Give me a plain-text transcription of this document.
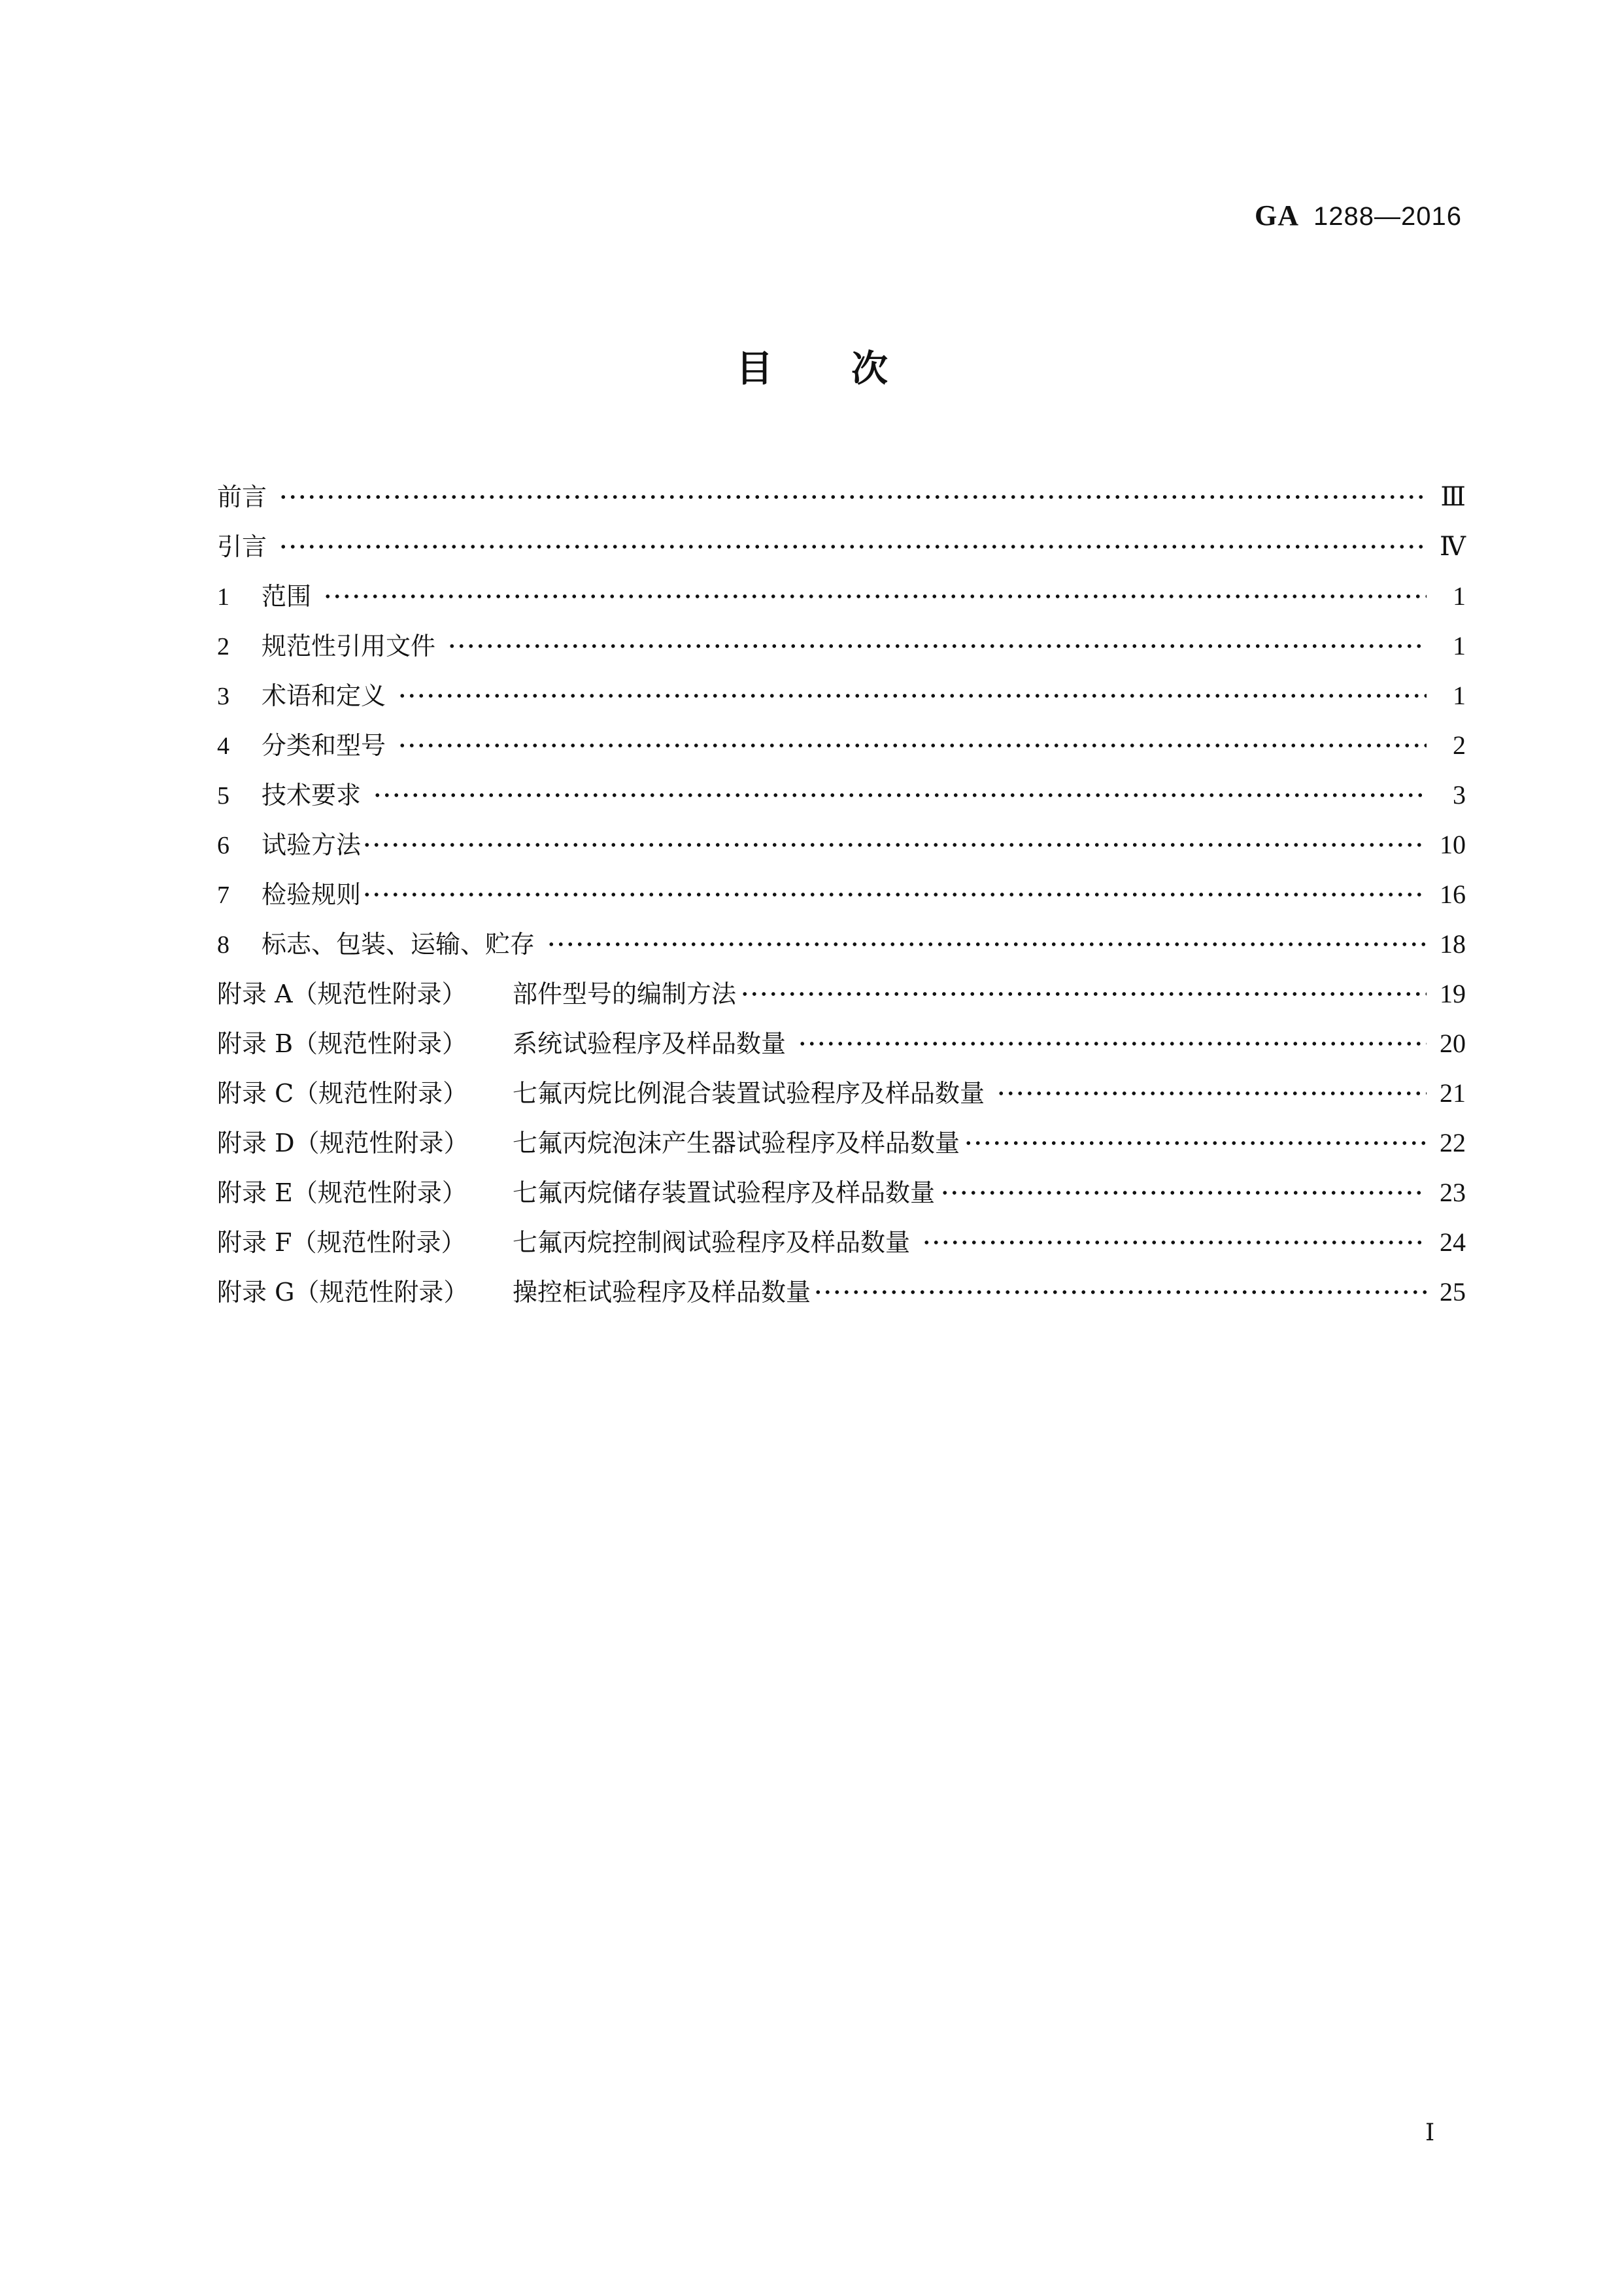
GA 1288—2016
目次
前言	Ⅲ
引言	Ⅳ
1	范围	1
2	规范性引用文件	1
3	术语和定义	1
4	分类和型号	2
5	技术要求	3
6	试验方法	10
7	检验规则	16
8	标志、包装、运输、贮存	18
附录 A（规范性附录）	部件型号的编制方法	19
附录 B（规范性附录）	系统试验程序及样品数量	20
附录 C（规范性附录）	七氟丙烷比例混合装置试验程序及样品数量	21
附录 D（规范性附录）	七氟丙烷泡沫产生器试验程序及样品数量	22
附录 E（规范性附录）	七氟丙烷储存装置试验程序及样品数量	23
附录 F（规范性附录）	七氟丙烷控制阀试验程序及样品数量	24
附录 G（规范性附录）	操控柜试验程序及样品数量	25
Ⅰ
